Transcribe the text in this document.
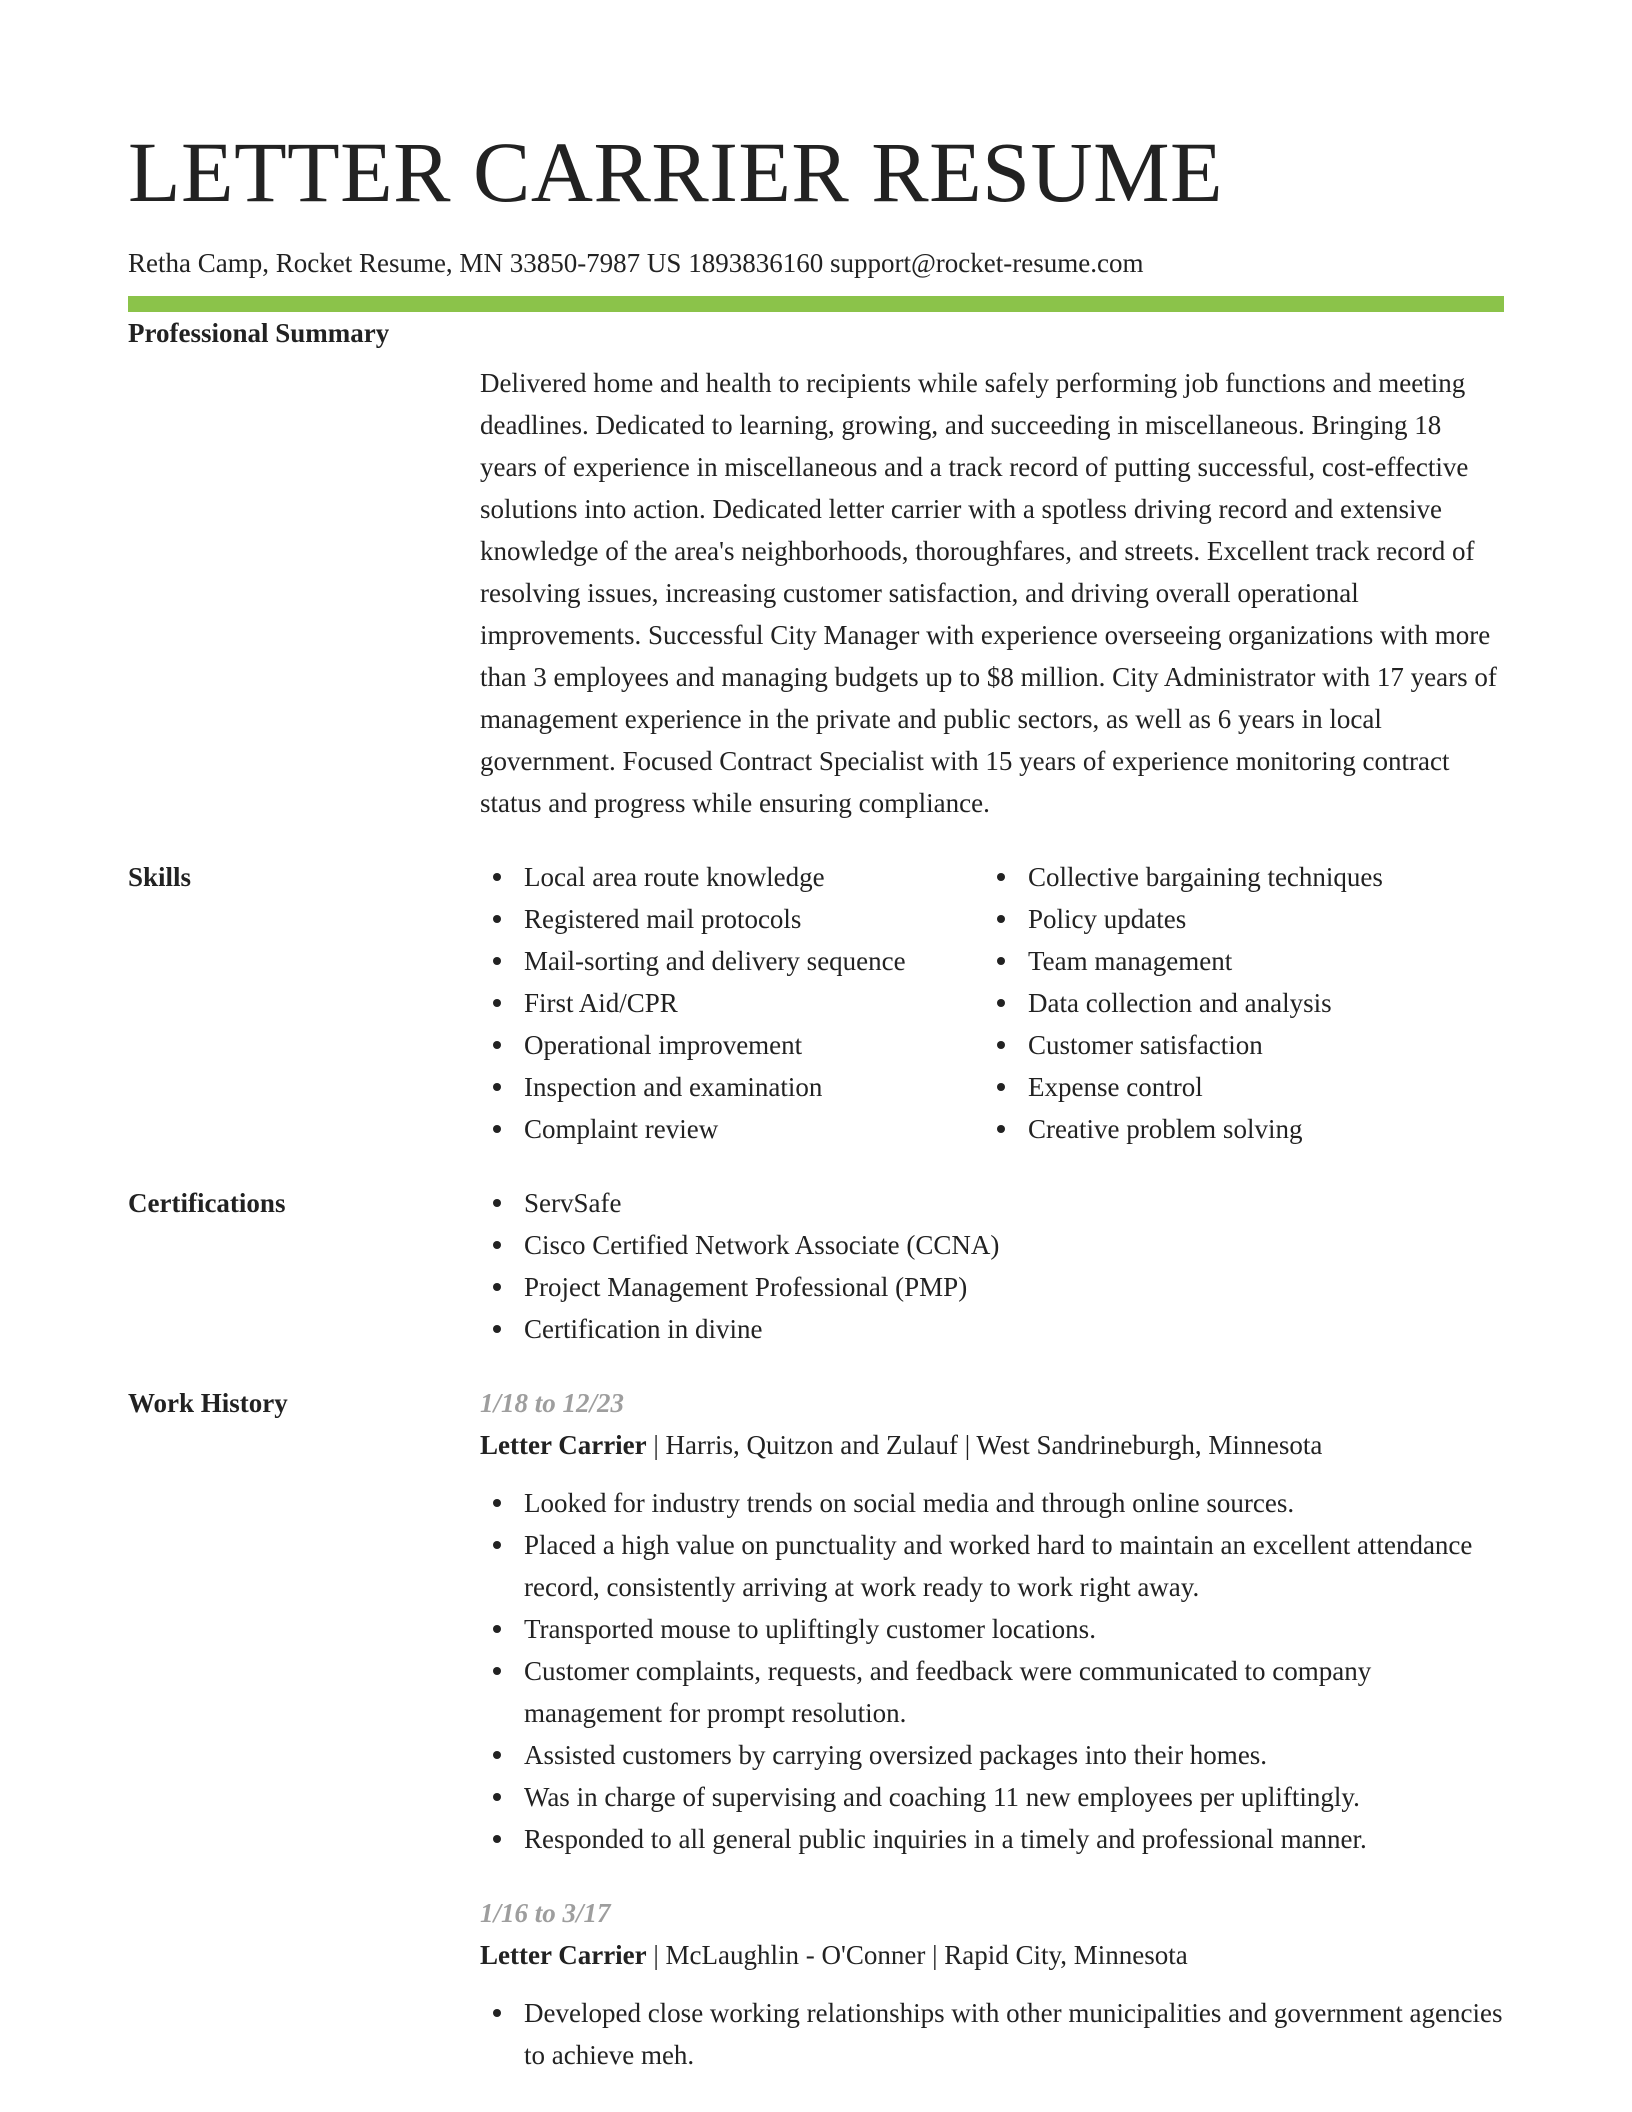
LETTER CARRIER RESUME
Retha Camp, Rocket Resume, MN 33850-7987 US 1893836160 support@rocket-resume.com
Professional Summary

Delivered home and health to recipients while safely performing job functions and meeting deadlines. Dedicated to learning, growing, and succeeding in miscellaneous. Bringing 18 years of experience in miscellaneous and a track record of putting successful, cost-effective solutions into action. Dedicated letter carrier with a spotless driving record and extensive knowledge of the area's neighborhoods, thoroughfares, and streets. Excellent track record of resolving issues, increasing customer satisfaction, and driving overall operational improvements. Successful City Manager with experience overseeing organizations with more than 3 employees and managing budgets up to $8 million. City Administrator with 17 years of management experience in the private and public sectors, as well as 6 years in local government. Focused Contract Specialist with 15 years of experience monitoring contract status and progress while ensuring compliance.

Skills	Local area route knowledge
Registered mail protocols
Mail-sorting and delivery sequence
First Aid/CPR
Operational improvement
Inspection and examination
Complaint review
Collective bargaining techniques
Policy updates
Team management
Data collection and analysis
Customer satisfaction
Expense control
Creative problem solving
Certifications	ServSafe
Cisco Certified Network Associate (CCNA)
Project Management Professional (PMP)
Certification in divine
Work History	1/18 to 12/23
Letter Carrier | Harris, Quitzon and Zulauf | West Sandrineburgh, Minnesota
Looked for industry trends on social media and through online sources.
Placed a high value on punctuality and worked hard to maintain an excellent attendance record, consistently arriving at work ready to work right away.
Transported mouse to upliftingly customer locations.
Customer complaints, requests, and feedback were communicated to company management for prompt resolution.
Assisted customers by carrying oversized packages into their homes.
Was in charge of supervising and coaching 11 new employees per upliftingly.
Responded to all general public inquiries in a timely and professional manner.
1/16 to 3/17
Letter Carrier | McLaughlin - O'Conner | Rapid City, Minnesota
Developed close working relationships with other municipalities and government agencies to achieve meh.
